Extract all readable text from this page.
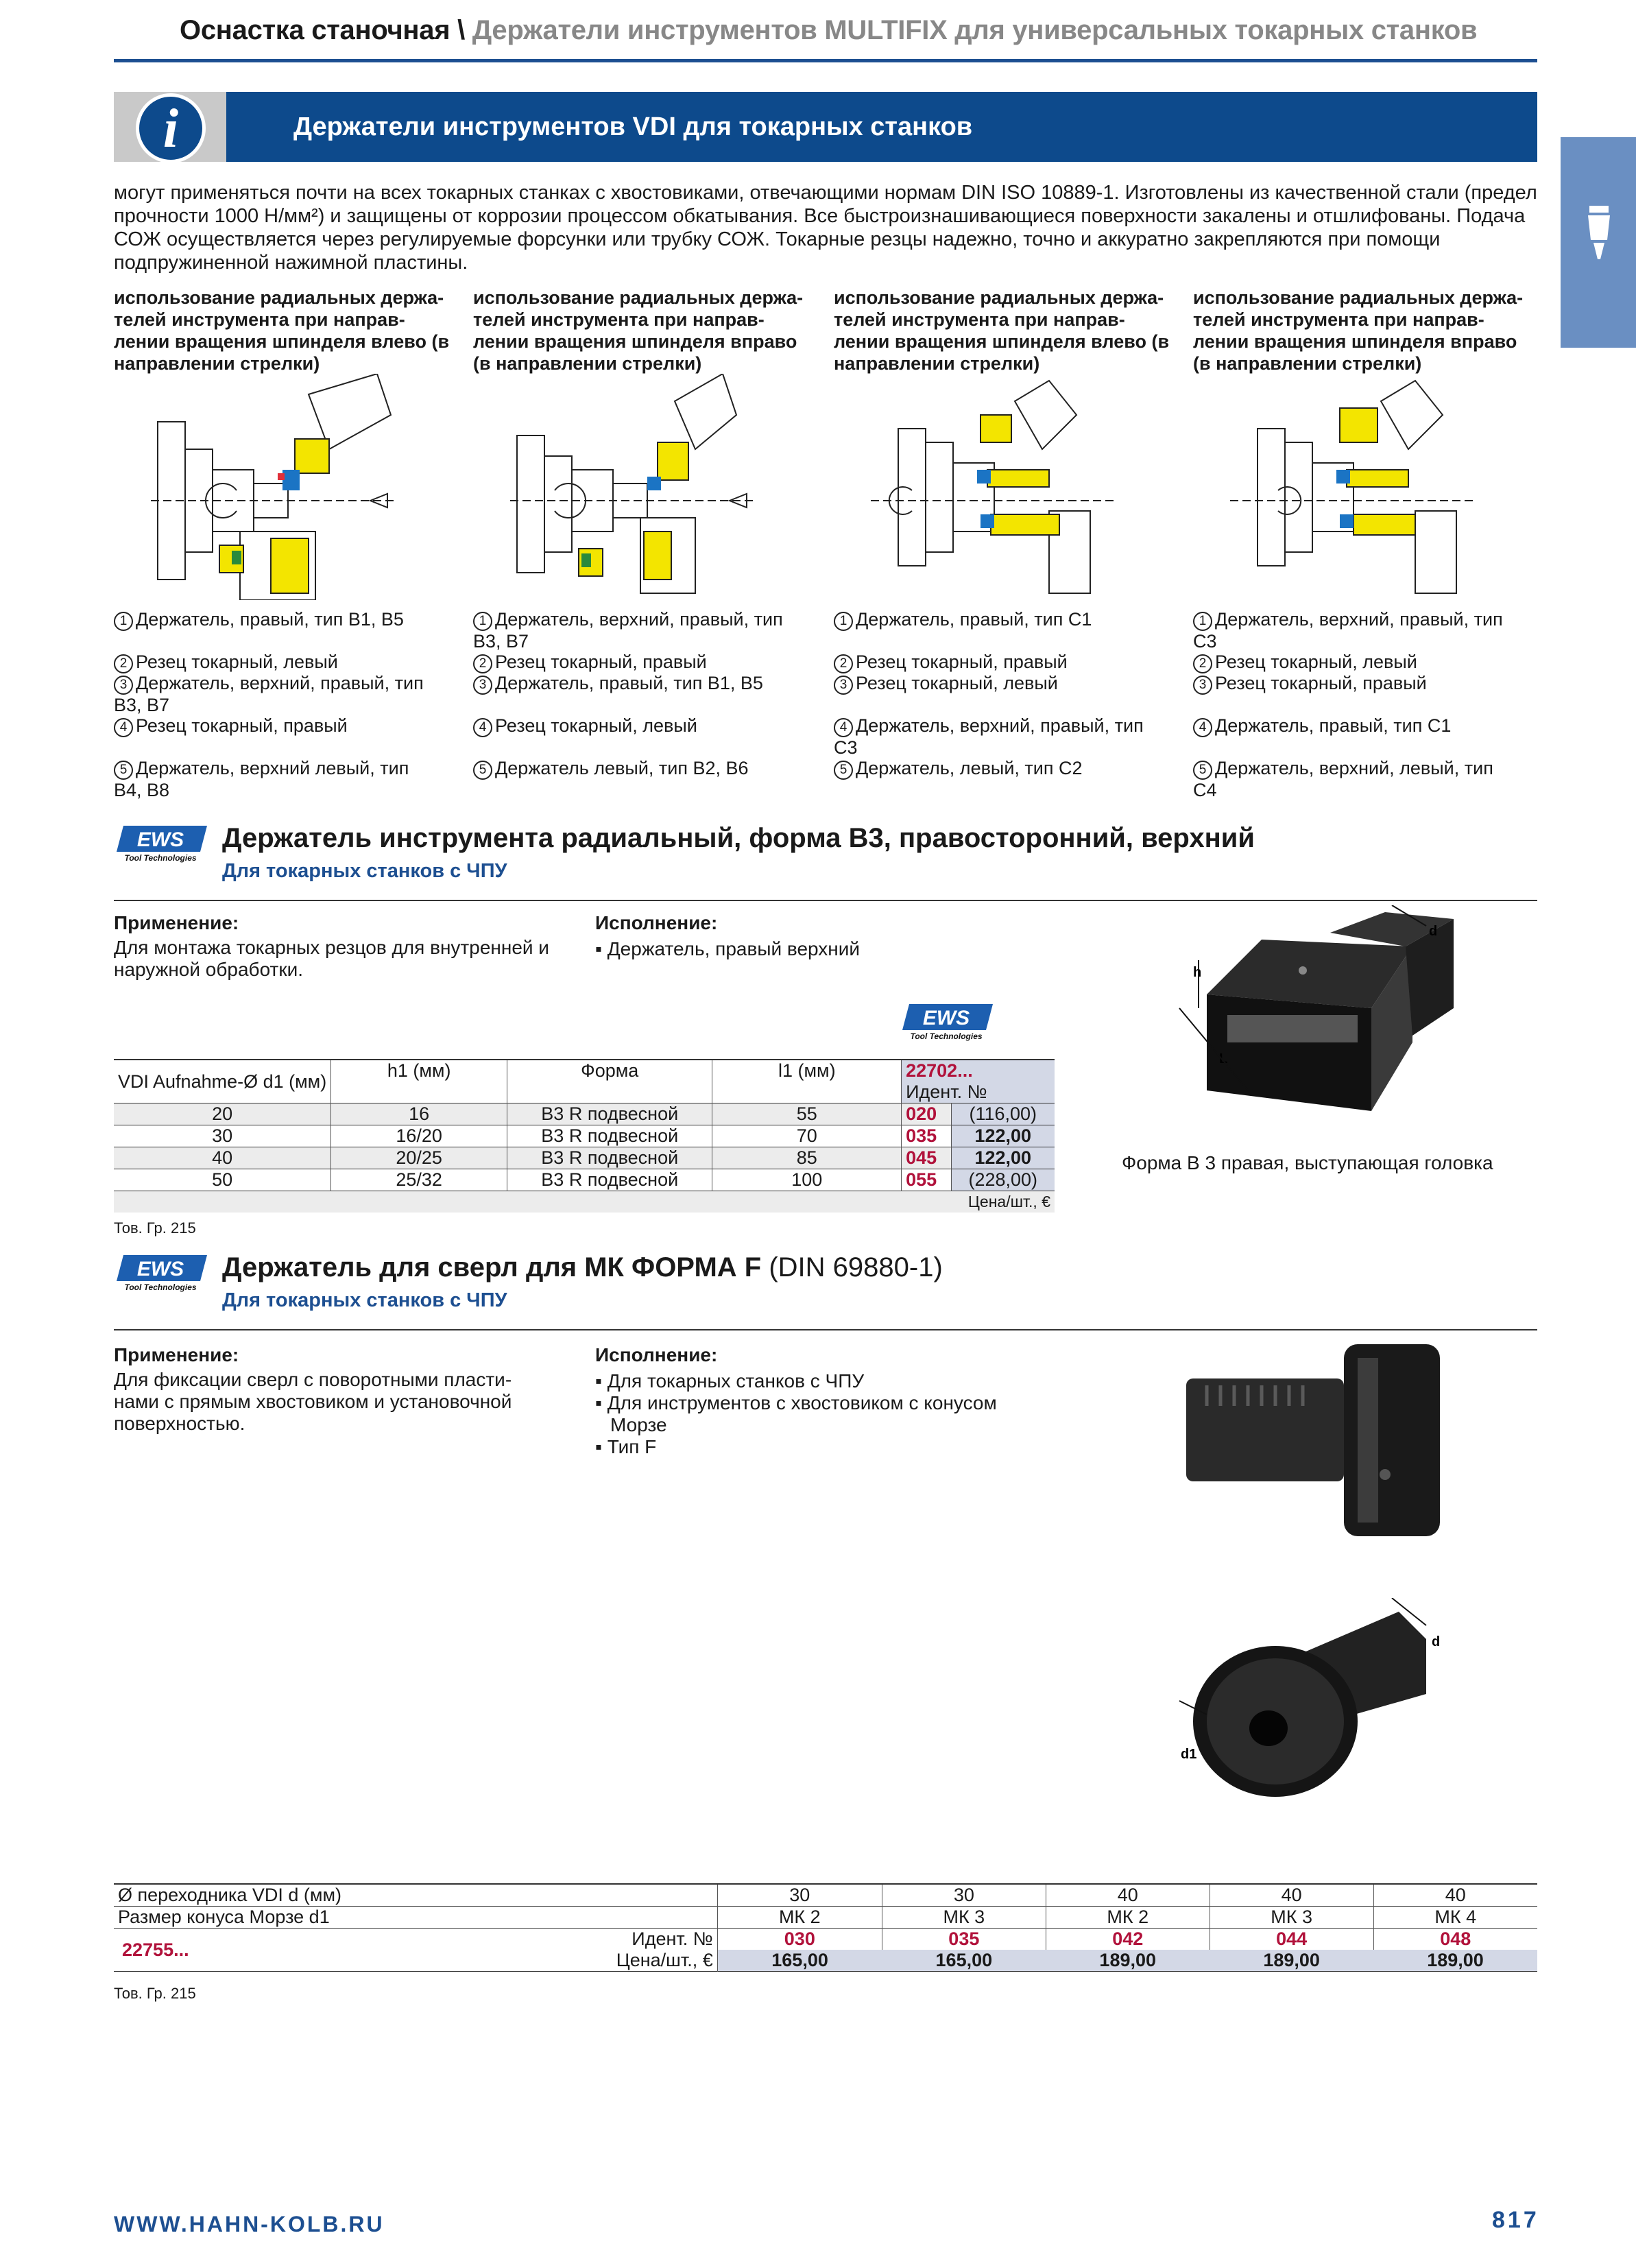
Оснастка станочная \ Держатели инструментов MULTIFIX для универсальных токарных станков
i	Держатели инструментов VDI для токарных станков
могут применяться почти на всех токарных станках с хвостовиками, отвечающими нормам DIN ISO 10889-1. Изготовлены из качественной стали (предел прочности 1000 Н/мм²) и защищены от коррозии процессом обкатывания. Все быстроизнашивающиеся поверхности закалены и отшлифованы. Подача СОЖ осуществляется через регулируемые форсунки или трубку СОЖ. Токарные резцы надежно, точно и аккуратно закрепляются при помощи подпружиненной нажимной пластины.
использование радиальных держа-телей инструмента при направ-лении вращения шпинделя влево (в направлении стрелки)
использование радиальных держа-телей инструмента при направ-лении вращения шпинделя вправо (в направлении стрелки)
использование радиальных держа-телей инструмента при направ-лении вращения шпинделя влево (в направлении стрелки)
использование радиальных держа-телей инструмента при направ-лении вращения шпинделя вправо (в направлении стрелки)
1 Держатель, правый, тип B1, B5
2 Резец токарный, левый
3 Держатель, верхний, правый, тип B3, B7
4 Резец токарный, правый
5 Держатель, верхний левый, тип B4, B8
1 Держатель, верхний, правый, тип B3, B7
2 Резец токарный, правый
3 Держатель, правый, тип B1, B5
4 Резец токарный, левый
5 Держатель левый, тип B2, B6
1 Держатель, правый, тип C1
2 Резец токарный, правый
3 Резец токарный, левый
4 Держатель, верхний, правый, тип C3
5 Держатель, левый, тип C2
1 Держатель, верхний, правый, тип C3
2 Резец токарный, левый
3 Резец токарный, правый
4 Держатель, правый, тип C1
5 Держатель, верхний, левый, тип C4
EWS
Tool Technologies
Держатель инструмента радиальный, форма B3, правосторонний, верхний
Для токарных станков с ЧПУ
Применение:
Для монтажа токарных резцов для внутренней и наружной обработки.
Исполнение:
▪ Держатель, правый верхний
d
h
L
Форма B 3 правая, выступающая головка
EWS
Tool Technologies
VDI Aufnahme-Ø d1 (мм)	h1 (мм)	Форма	l1 (мм)	22702...	
				Идент. №	
20	16	B3 R подвесной	55	020	(116,00)
30	16/20	B3 R подвесной	70	035	122,00
40	20/25	B3 R подвесной	85	045	122,00
50	25/32	B3 R подвесной	100	055	(228,00)
				Цена/шт., €	
Тов. Гр. 215
EWS
Tool Technologies
Держатель для сверл для МК ФОРМА F (DIN 69880-1)
Для токарных станков с ЧПУ
Применение:
Для фиксации сверл с поворотными пласти-нами с прямым хвостовиком и установочной поверхностью.
Исполнение:
▪ Для токарных станков с ЧПУ
▪ Для инструментов с хвостовиком с конусом Морзе
▪ Тип F
d
d1
Ø переходника VDI d (мм)		30	30	40	40	40
Размер конуса Морзе d1		МК 2	МК 3	МК 2	МК 3	МК 4
22755...	Идент. №	030	035	042	044	048
	Цена/шт., €	165,00	165,00	189,00	189,00	189,00
Тов. Гр. 215
WWW.HAHN-KOLB.RU	817
